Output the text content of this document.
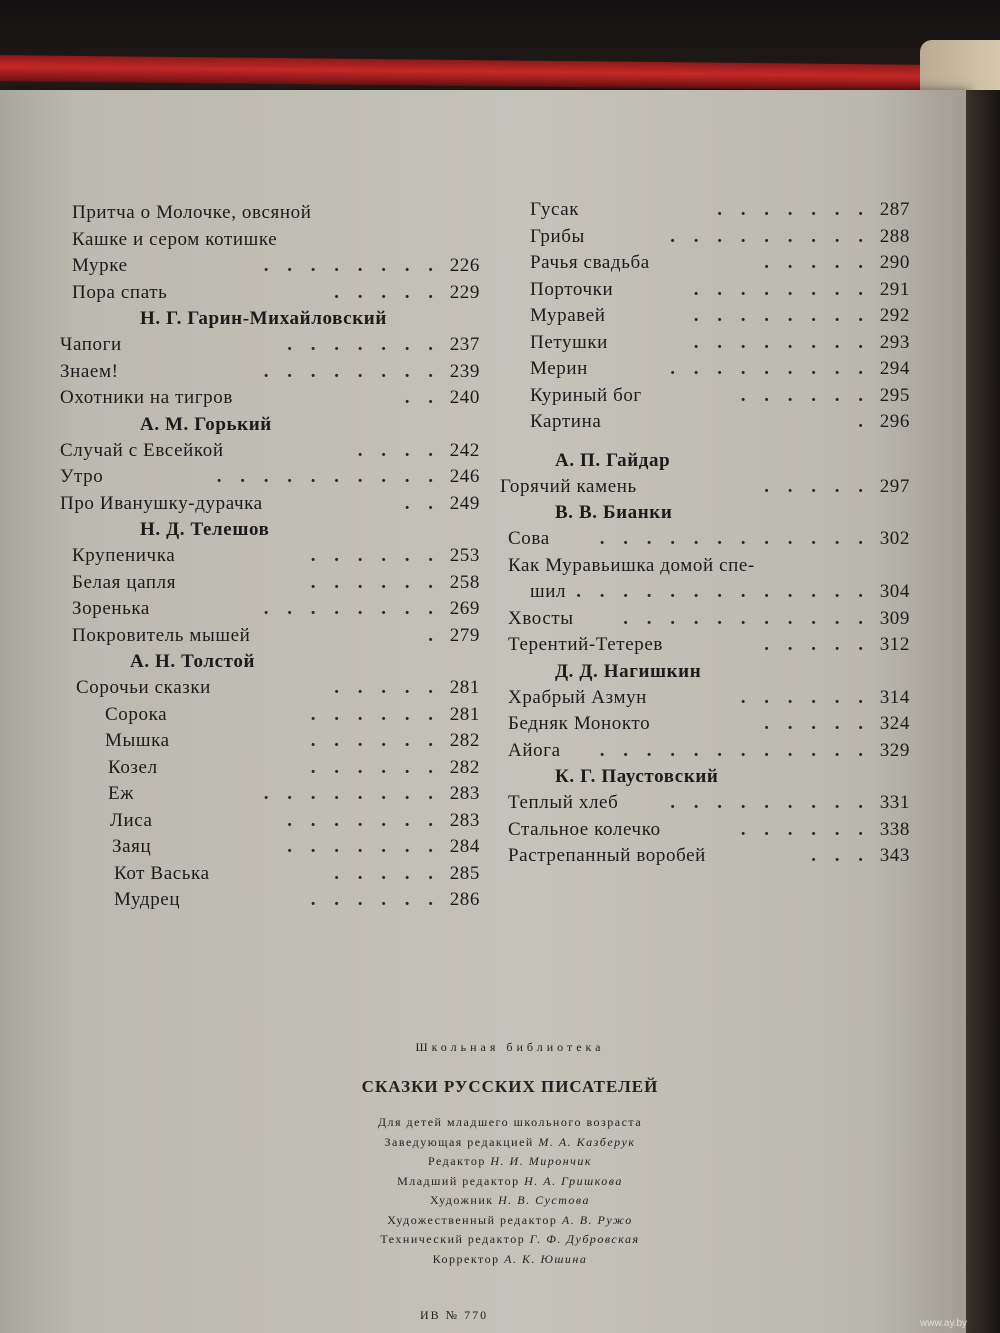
Притча о Молочке, овсяной
Кашке и сером котишке
Мурке	. . . . . . . . 226
Пора спать	. . . . . 229
Н. Г. Гарин-Михайловский
Чапоги	. . . . . . . 237
Знаем!	. . . . . . . . 239
Охотники на тигров	. . 240
А. М. Горький
Случай с Евсейкой	. . . . 242
Утро	. . . . . . . . . . 246
Про Иванушку-дурачка	. . 249
Н. Д. Телешов
Крупеничка	. . . . . . 253
Белая цапля	. . . . . . 258
Зоренька	. . . . . . . . 269
Покровитель мышей	. 279
А. Н. Толстой
Сорочьи сказки	. . . . . 281
Сорока	. . . . . . 281
Мышка	. . . . . . 282
Козел	. . . . . . 282
Еж	. . . . . . . . 283
Лиса	. . . . . . . 283
Заяц	. . . . . . . 284
Кот Васька	. . . . . 285
Мудрец	. . . . . . 286
Гусак	. . . . . . . 287
Грибы	. . . . . . . . . 288
Рачья свадьба	. . . . . 290
Порточки	. . . . . . . . 291
Муравей	. . . . . . . . 292
Петушки	. . . . . . . . 293
Мерин	. . . . . . . . . 294
Куриный бог	. . . . . . 295
Картина	. 296
А. П. Гайдар
Горячий камень	. . . . . 297
В. В. Бианки
Сова	. . . . . . . . . . . . 302
Как Муравьишка домой спе-
шил . . . . . . . . . . . . . 304
Хвосты	. . . . . . . . . . . 309
Терентий-Тетерев	. . . . . 312
Д. Д. Нагишкин
Храбрый Азмун	. . . . . . 314
Бедняк Монокто	. . . . . 324
Айога . . . . . . . . . . . . 329
К. Г. Паустовский
Теплый хлеб	. . . . . . . . . 331
Стальное колечко	. . . . . . 338
Растрепанный воробей	. . . 343
Школьная библиотека
СКАЗКИ РУССКИХ ПИСАТЕЛЕЙ
Для детей младшего школьного возраста
Заведующая редакцией М. А. Казберук
Редактор Н. И. Мирончик
Младший редактор Н. А. Гришкова
Художник Н. В. Сустова
Художественный редактор А. В. Ружо
Технический редактор Г. Ф. Дубровская
Корректор А. К. Юшина
ИВ № 770
www.ay.by
